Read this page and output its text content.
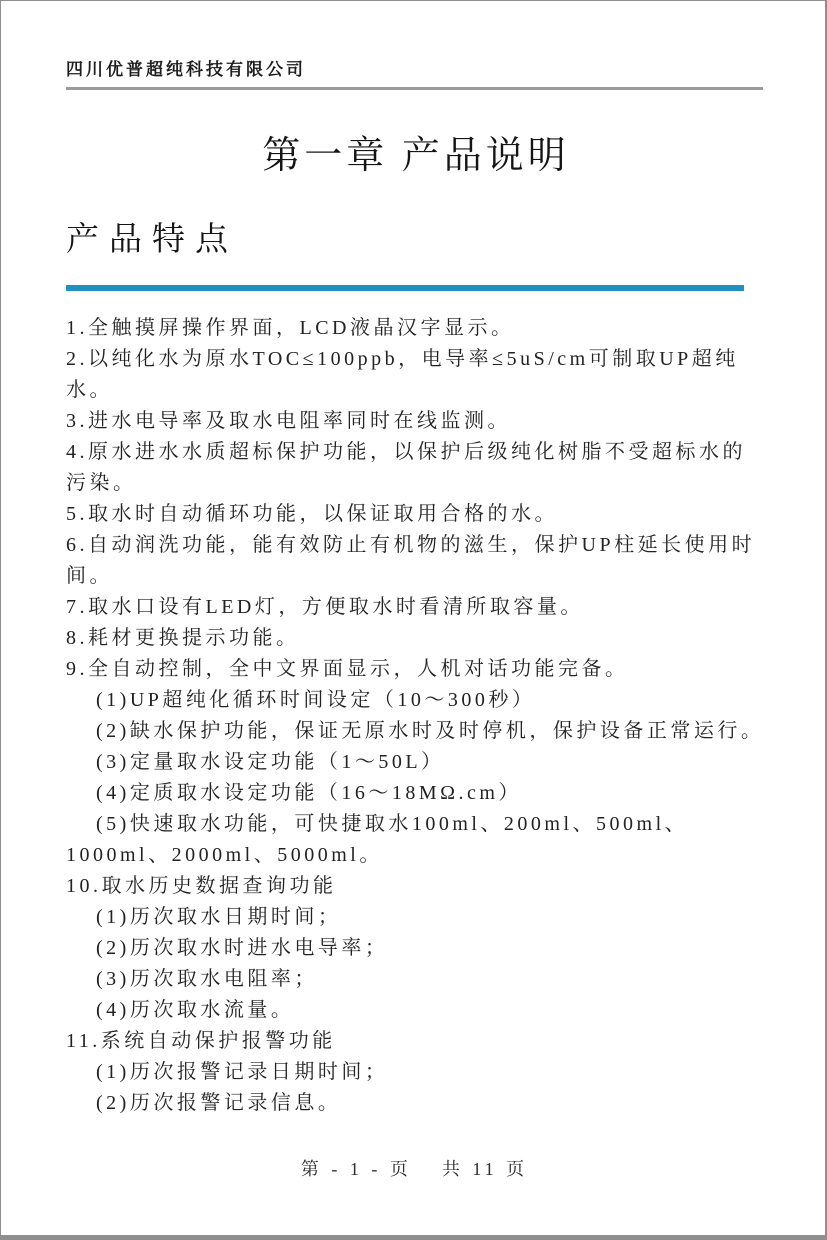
四川优普超纯科技有限公司
第一章 产品说明
产品特点

1.全触摸屏操作界面，LCD液晶汉字显示。

2.以纯化水为原水TOC≤100ppb，电导率≤5uS/cm可制取UP超纯水。

3.进水电导率及取水电阻率同时在线监测。

4.原水进水水质超标保护功能，以保护后级纯化树脂不受超标水的污染。

5.取水时自动循环功能，以保证取用合格的水。

6.自动润洗功能，能有效防止有机物的滋生，保护UP柱延长使用时间。

7.取水口设有LED灯，方便取水时看清所取容量。

8.耗材更换提示功能。

9.全自动控制，全中文界面显示，人机对话功能完备。

(1)UP超纯化循环时间设定（10～300秒）

(2)缺水保护功能，保证无原水时及时停机，保护设备正常运行。

(3)定量取水设定功能（1～50L）

(4)定质取水设定功能（16～18MΩ.cm）

(5)快速取水功能，可快捷取水100ml、200ml、500ml、1000ml、2000ml、5000ml。

10.取水历史数据查询功能

(1)历次取水日期时间；

(2)历次取水时进水电导率；

(3)历次取水电阻率；

(4)历次取水流量。

11.系统自动保护报警功能

(1)历次报警记录日期时间；

(2)历次报警记录信息。

第 - 1 - 页 共 11 页
